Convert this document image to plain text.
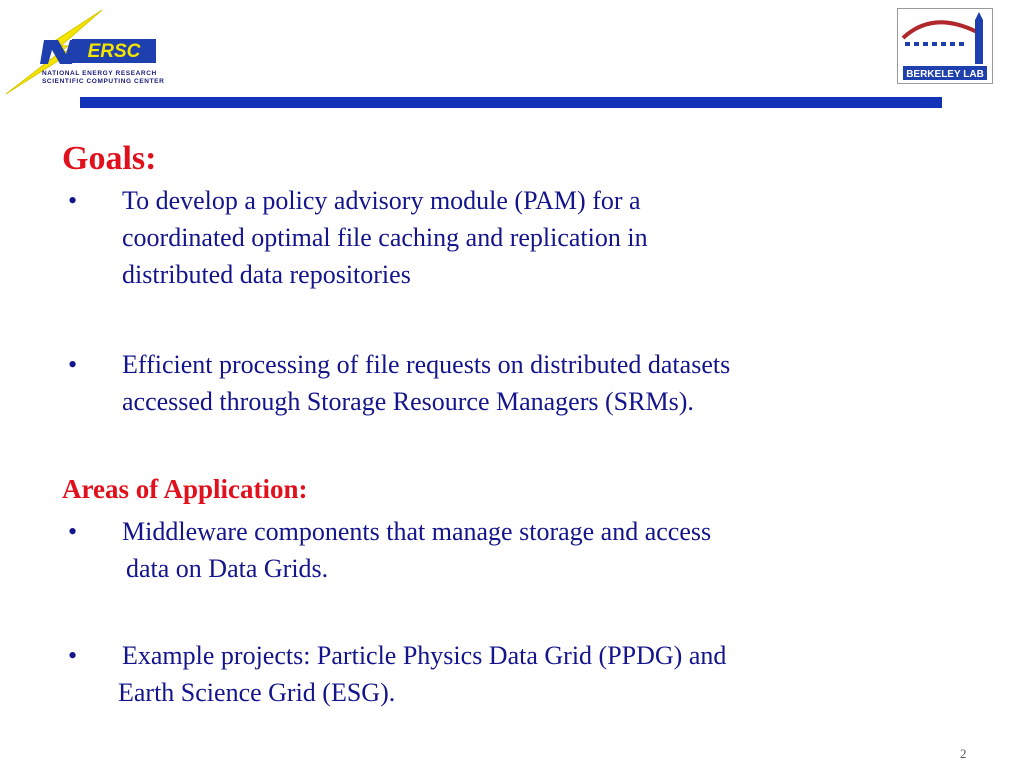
ERSC
NATIONAL ENERGY RESEARCH
SCIENTIFIC COMPUTING CENTER
BERKELEY LAB
Goals:
• To develop a policy advisory module (PAM) for a
coordinated optimal file caching and replication in
distributed data repositories
• Efficient processing of file requests on distributed datasets
accessed through Storage Resource Managers (SRMs).
Areas of Application:
• Middleware components that manage storage and access
data on Data Grids.
• Example projects: Particle Physics Data Grid (PPDG) and
Earth Science Grid (ESG).
2
